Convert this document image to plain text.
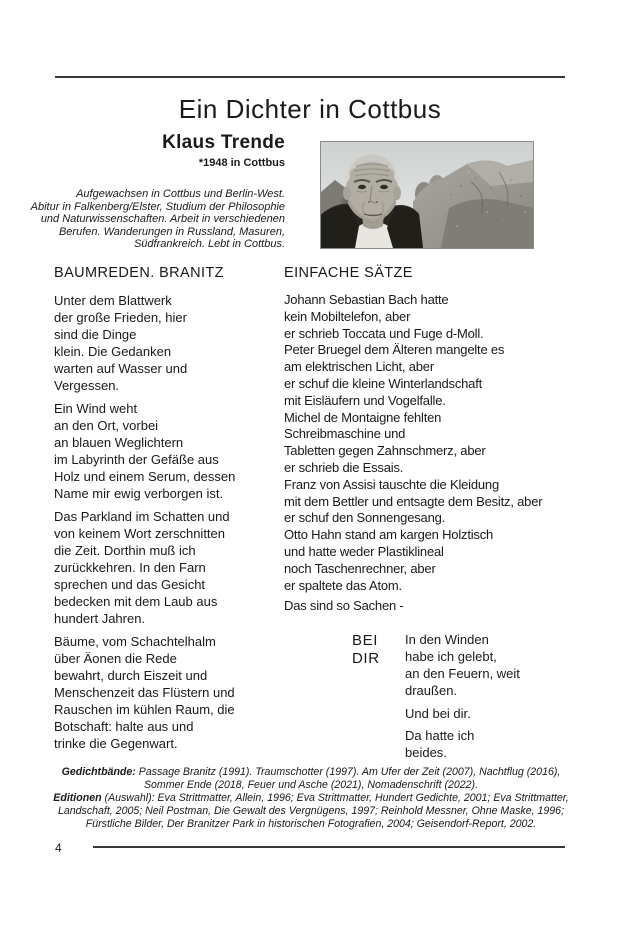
Ein Dichter in Cottbus
Klaus Trende
*1948 in Cottbus
Aufgewachsen in Cottbus und Berlin-West.
Abitur in Falkenberg/Elster, Studium der Philosophie
und Naturwissenschaften. Arbeit in verschiedenen
Berufen. Wanderungen in Russland, Masuren,
Südfrankreich. Lebt in Cottbus.
BAUMREDEN. BRANITZ
Unter dem Blattwerk
der große Frieden, hier
sind die Dinge
klein. Die Gedanken
warten auf Wasser und
Vergessen.
Ein Wind weht
an den Ort, vorbei
an blauen Weglichtern
im Labyrinth der Gefäße aus
Holz und einem Serum, dessen
Name mir ewig verborgen ist.
Das Parkland im Schatten und
von keinem Wort zerschnitten
die Zeit. Dorthin muß ich
zurückkehren. In den Farn
sprechen und das Gesicht
bedecken mit dem Laub aus
hundert Jahren.
Bäume, vom Schachtelhalm
über Äonen die Rede
bewahrt, durch Eiszeit und
Menschenzeit das Flüstern und
Rauschen im kühlen Raum, die
Botschaft: halte aus und
trinke die Gegenwart.
EINFACHE SÄTZE
Johann Sebastian Bach hatte
kein Mobiltelefon, aber
er schrieb Toccata und Fuge d-Moll.
Peter Bruegel dem Älteren mangelte es
am elektrischen Licht, aber
er schuf die kleine Winterlandschaft
mit Eisläufern und Vogelfalle.
Michel de Montaigne fehlten
Schreibmaschine und
Tabletten gegen Zahnschmerz, aber
er schrieb die Essais.
Franz von Assisi tauschte die Kleidung
mit dem Bettler und entsagte dem Besitz, aber
er schuf den Sonnengesang.
Otto Hahn stand am kargen Holztisch
und hatte weder Plastiklineal
noch Taschenrechner, aber
er spaltete das Atom.
Das sind so Sachen -
BEI
DIR
In den Winden
habe ich gelebt,
an den Feuern, weit
draußen.
Und bei dir.
Da hatte ich
beides.
Gedichtbände: Passage Branitz (1991). Traumschotter (1997). Am Ufer der Zeit (2007), Nachtflug (2016),
Sommer Ende (2018, Feuer und Asche (2021), Nomadenschrift (2022).
Editionen (Auswahl): Eva Strittmatter, Allein, 1996; Eva Strittmatter, Hundert Gedichte, 2001; Eva Strittmatter,
Landschaft, 2005; Neil Postman, Die Gewalt des Vergnügens, 1997; Reinhold Messner, Ohne Maske, 1996;
Fürstliche Bilder, Der Branitzer Park in historischen Fotografien, 2004; Geisendorf-Report, 2002.
4
